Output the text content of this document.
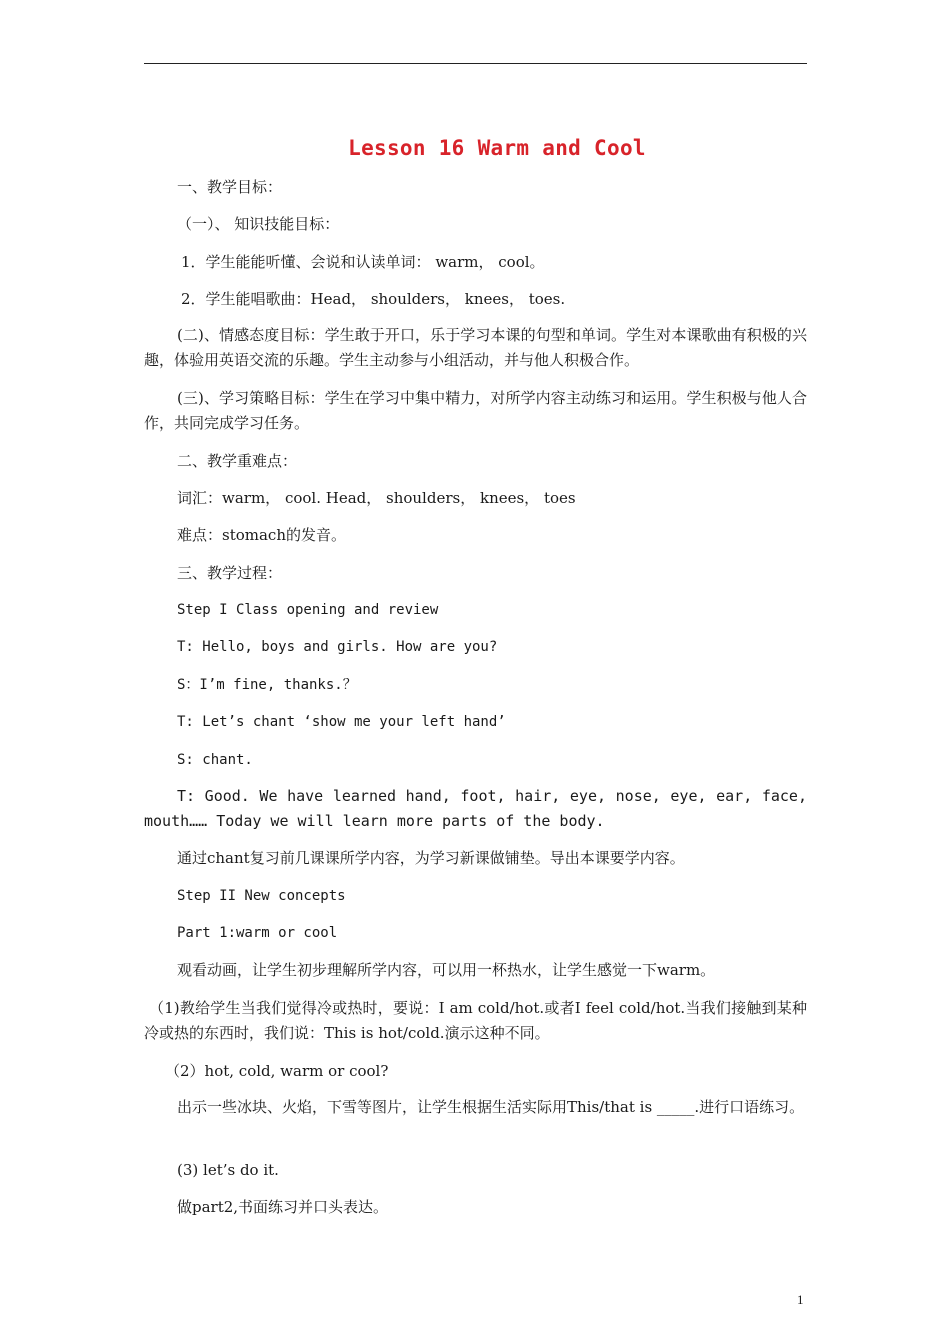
Lesson 16 Warm and Cool
一、教学目标：
（一）、 知识技能目标：
1．学生能能听懂、会说和认读单词： warm， cool。
2．学生能唱歌曲：Head， shoulders， knees， toes.
(二)、情感态度目标：学生敢于开口，乐于学习本课的句型和单词。学生对本课歌曲有积极的兴趣，体验用英语交流的乐趣。学生主动参与小组活动，并与他人积极合作。
(三)、学习策略目标：学生在学习中集中精力，对所学内容主动练习和运用。学生积极与他人合作，共同完成学习任务。
二、教学重难点：
词汇：warm， cool. Head， shoulders， knees， toes
难点：stomach的发音。
三、教学过程：
Step I Class opening and review
T: Hello, boys and girls. How are you?
S：I’m fine, thanks.？
T: Let’s chant ‘show me your left hand’
S: chant.
T: Good. We have learned hand, foot, hair, eye, nose, eye, ear, face, mouth…… Today we will learn more parts of the body.
通过chant复习前几课课所学内容，为学习新课做铺垫。导出本课要学内容。
Step II New concepts
Part 1:warm or cool
观看动画，让学生初步理解所学内容，可以用一杯热水，让学生感觉一下warm。
（1)教给学生当我们觉得冷或热时，要说：I am cold/hot.或者I feel cold/hot.当我们接触到某种冷或热的东西时，我们说：This is hot/cold.演示这种不同。
（2）hot, cold, warm or cool?
出示一些冰块、火焰，下雪等图片，让学生根据生活实际用This/that is _____.进行口语练习。
(3) let’s do it.
做part2,书面练习并口头表达。
1
